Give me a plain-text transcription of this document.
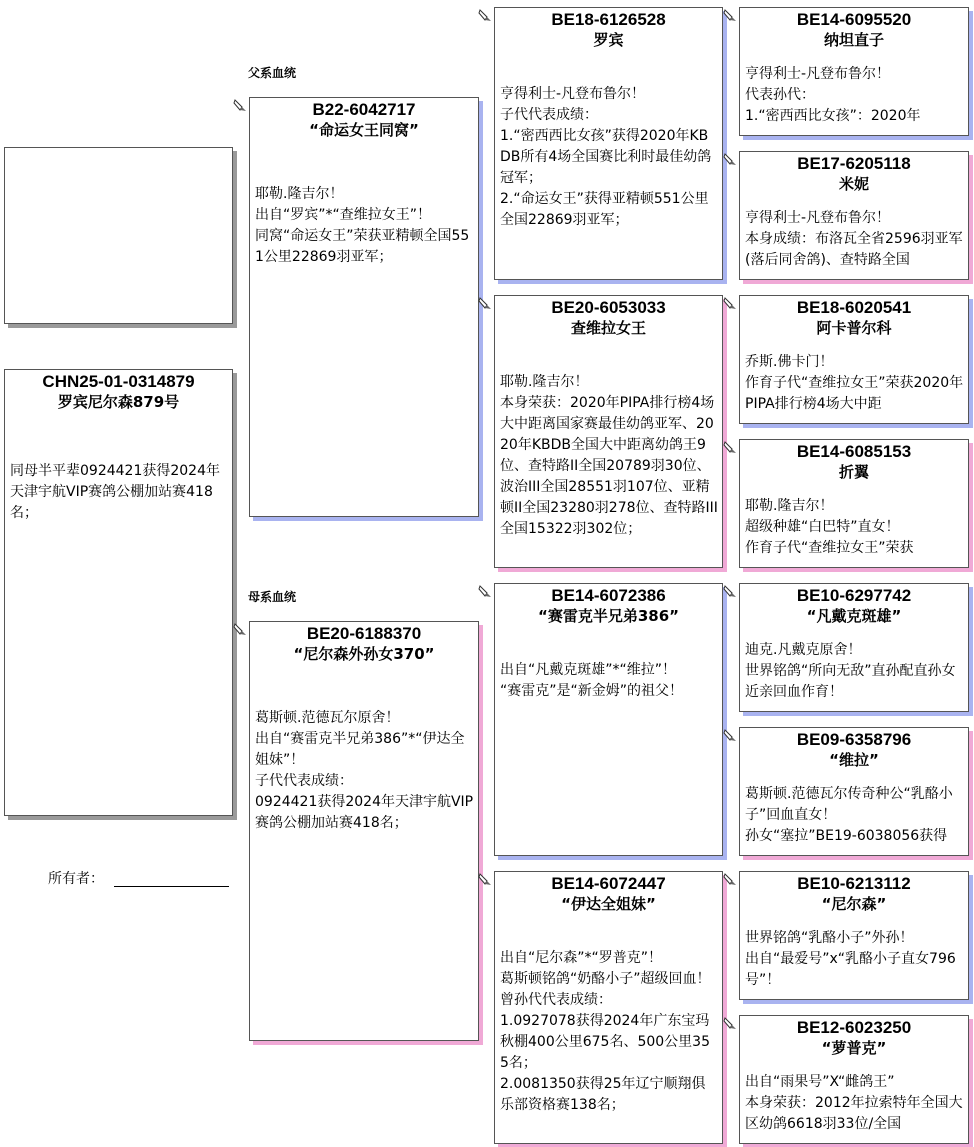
CHN25-01-0314879
罗宾尼尔森879号
同母半平辈0924421获得2024年天津宇航VIP赛鸽公棚加站赛418名；
所有者：
父系血统
母系血统
B22-6042717
“命运女王同窝”
耶勒.隆吉尔！
出自“罗宾”*“查维拉女王”！
同窝“命运女王”荣获亚精顿全国551公里22869羽亚军；
BE20-6188370
“尼尔森外孙女370”
葛斯顿.范德瓦尔原舍！
出自“赛雷克半兄弟386”*“伊达全姐妹”！
子代代表成绩：
0924421获得2024年天津宇航VIP赛鸽公棚加站赛418名；
BE18-6126528
罗宾
亨得利士-凡登布鲁尔！
子代代表成绩：
1.“密西西比女孩”获得2020年KBDB所有4场全国赛比利时最佳幼鸽冠军；
2.“命运女王”获得亚精顿551公里全国22869羽亚军；
BE20-6053033
查维拉女王
耶勒.隆吉尔！
本身荣获：2020年PIPA排行榜4场大中距离国家赛最佳幼鸽亚军、2020年KBDB全国大中距离幼鸽王9位、查特路II全国20789羽30位、波治III全国28551羽107位、亚精顿II全国23280羽278位、查特路III全国15322羽302位；
BE14-6072386
“赛雷克半兄弟386”
出自“凡戴克斑雄”*“维拉”！
“赛雷克”是“新金姆”的祖父！
BE14-6072447
“伊达全姐妹”
出自“尼尔森”*“罗普克”！
葛斯顿铭鸽“奶酪小子”超级回血！
曾孙代代表成绩：
1.0927078获得2024年广东宝玛秋棚400公里675名、500公里355名；
2.0081350获得25年辽宁顺翔俱乐部资格赛138名；
BE14-6095520
纳坦直子
亨得利士-凡登布鲁尔！
代表孙代：
1.“密西西比女孩”：2020年
BE17-6205118
米妮
亨得利士-凡登布鲁尔！
本身成绩：布洛瓦全省2596羽亚军(落后同舍鸽)、查特路全国
BE18-6020541
阿卡普尔科
乔斯.佛卡门！
作育子代“查维拉女王”荣获2020年PIPA排行榜4场大中距
BE14-6085153
折翼
耶勒.隆吉尔！
超级种雄“白巴特”直女！
作育子代“查维拉女王”荣获
BE10-6297742
“凡戴克斑雄”
迪克.凡戴克原舍！
世界铭鸽“所向无敌”直孙配直孙女近亲回血作育！
BE09-6358796
“维拉”
葛斯顿.范德瓦尔传奇种公“乳酪小子”回血直女！
孙女“塞拉”BE19-6038056获得
BE10-6213112
“尼尔森”
世界铭鸽“乳酪小子”外孙！
出自“最爱号”x“乳酪小子直女796号”！
BE12-6023250
“萝普克”
出自“雨果号”X“雌鸽王”
本身荣获：2012年拉索特年全国大区幼鸽6618羽33位/全国
